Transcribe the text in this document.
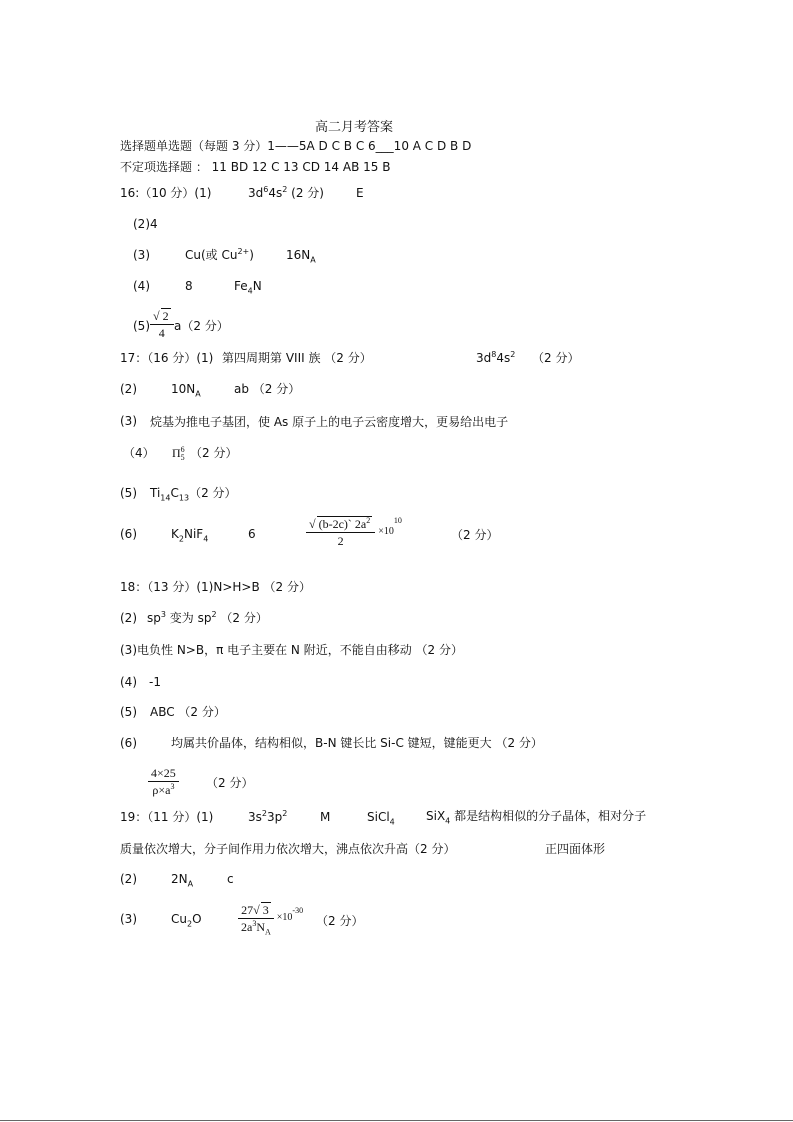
高二月考答案
选择题单选题（每题 3 分）1——5A D C B C 6___10 A C D B D
不定项选择题 ： 11 BD 12 C 13 CD 14 AB 15 B
16:（10 分）(1)	$3d^64s^2$ (2 分)	E
(2)4
(3)	Cu(或 $Cu^{2+}$)	$16N_A$
(4)	8	$Fe_4N$
$(5) \frac{√ 2}{4} a(2$ 分）
17：（16 分）(1) 第四周期第 VIII 族 （2 分）	$3d^84s^2$ （2 分）
(2)	$10N_A$	ab （2 分）
(3) 烷基为推电子基团，使 As 原子上的电子云密度增大，更易给出电子
（4） Π 6
5 （2 分）
(5) $Ti_{14}C_{13}(2$ 分）
(6)	$K_2NiF_4$	6	$\frac{√ (b-2c)` 2a^2}{2} \times 10^{10}$
（2 分）
18：（13 分）(1)N>H>B （2 分）
(2) $sp^3$ 变为 $sp^2$ （2 分）
(3)电负性 N>B，π 电子主要在 N 附近，不能自由移动 （2 分）
(4) -1
(5) ABC （2 分）
(6)	均属共价晶体，结构相似，B-N 键长比 Si-C 键短，键能更大 （2 分）
$\frac{4\times 25}{\rho\times a^3} (2$ 分）
19：（11 分）(1)	$3s^23p^2$	M	SiCl$_4$	SiX$_4$ 都是结构相似的分子晶体，相对分子
质量依次增大，分子间作用力依次增大，沸点依次升高（2 分）	正四面体形
(2)	$2N_A$	c
(3)	$Cu_2O$	$\frac{27√ 3}{2a^3N_A} \times 10^{-30}$
（2 分）
